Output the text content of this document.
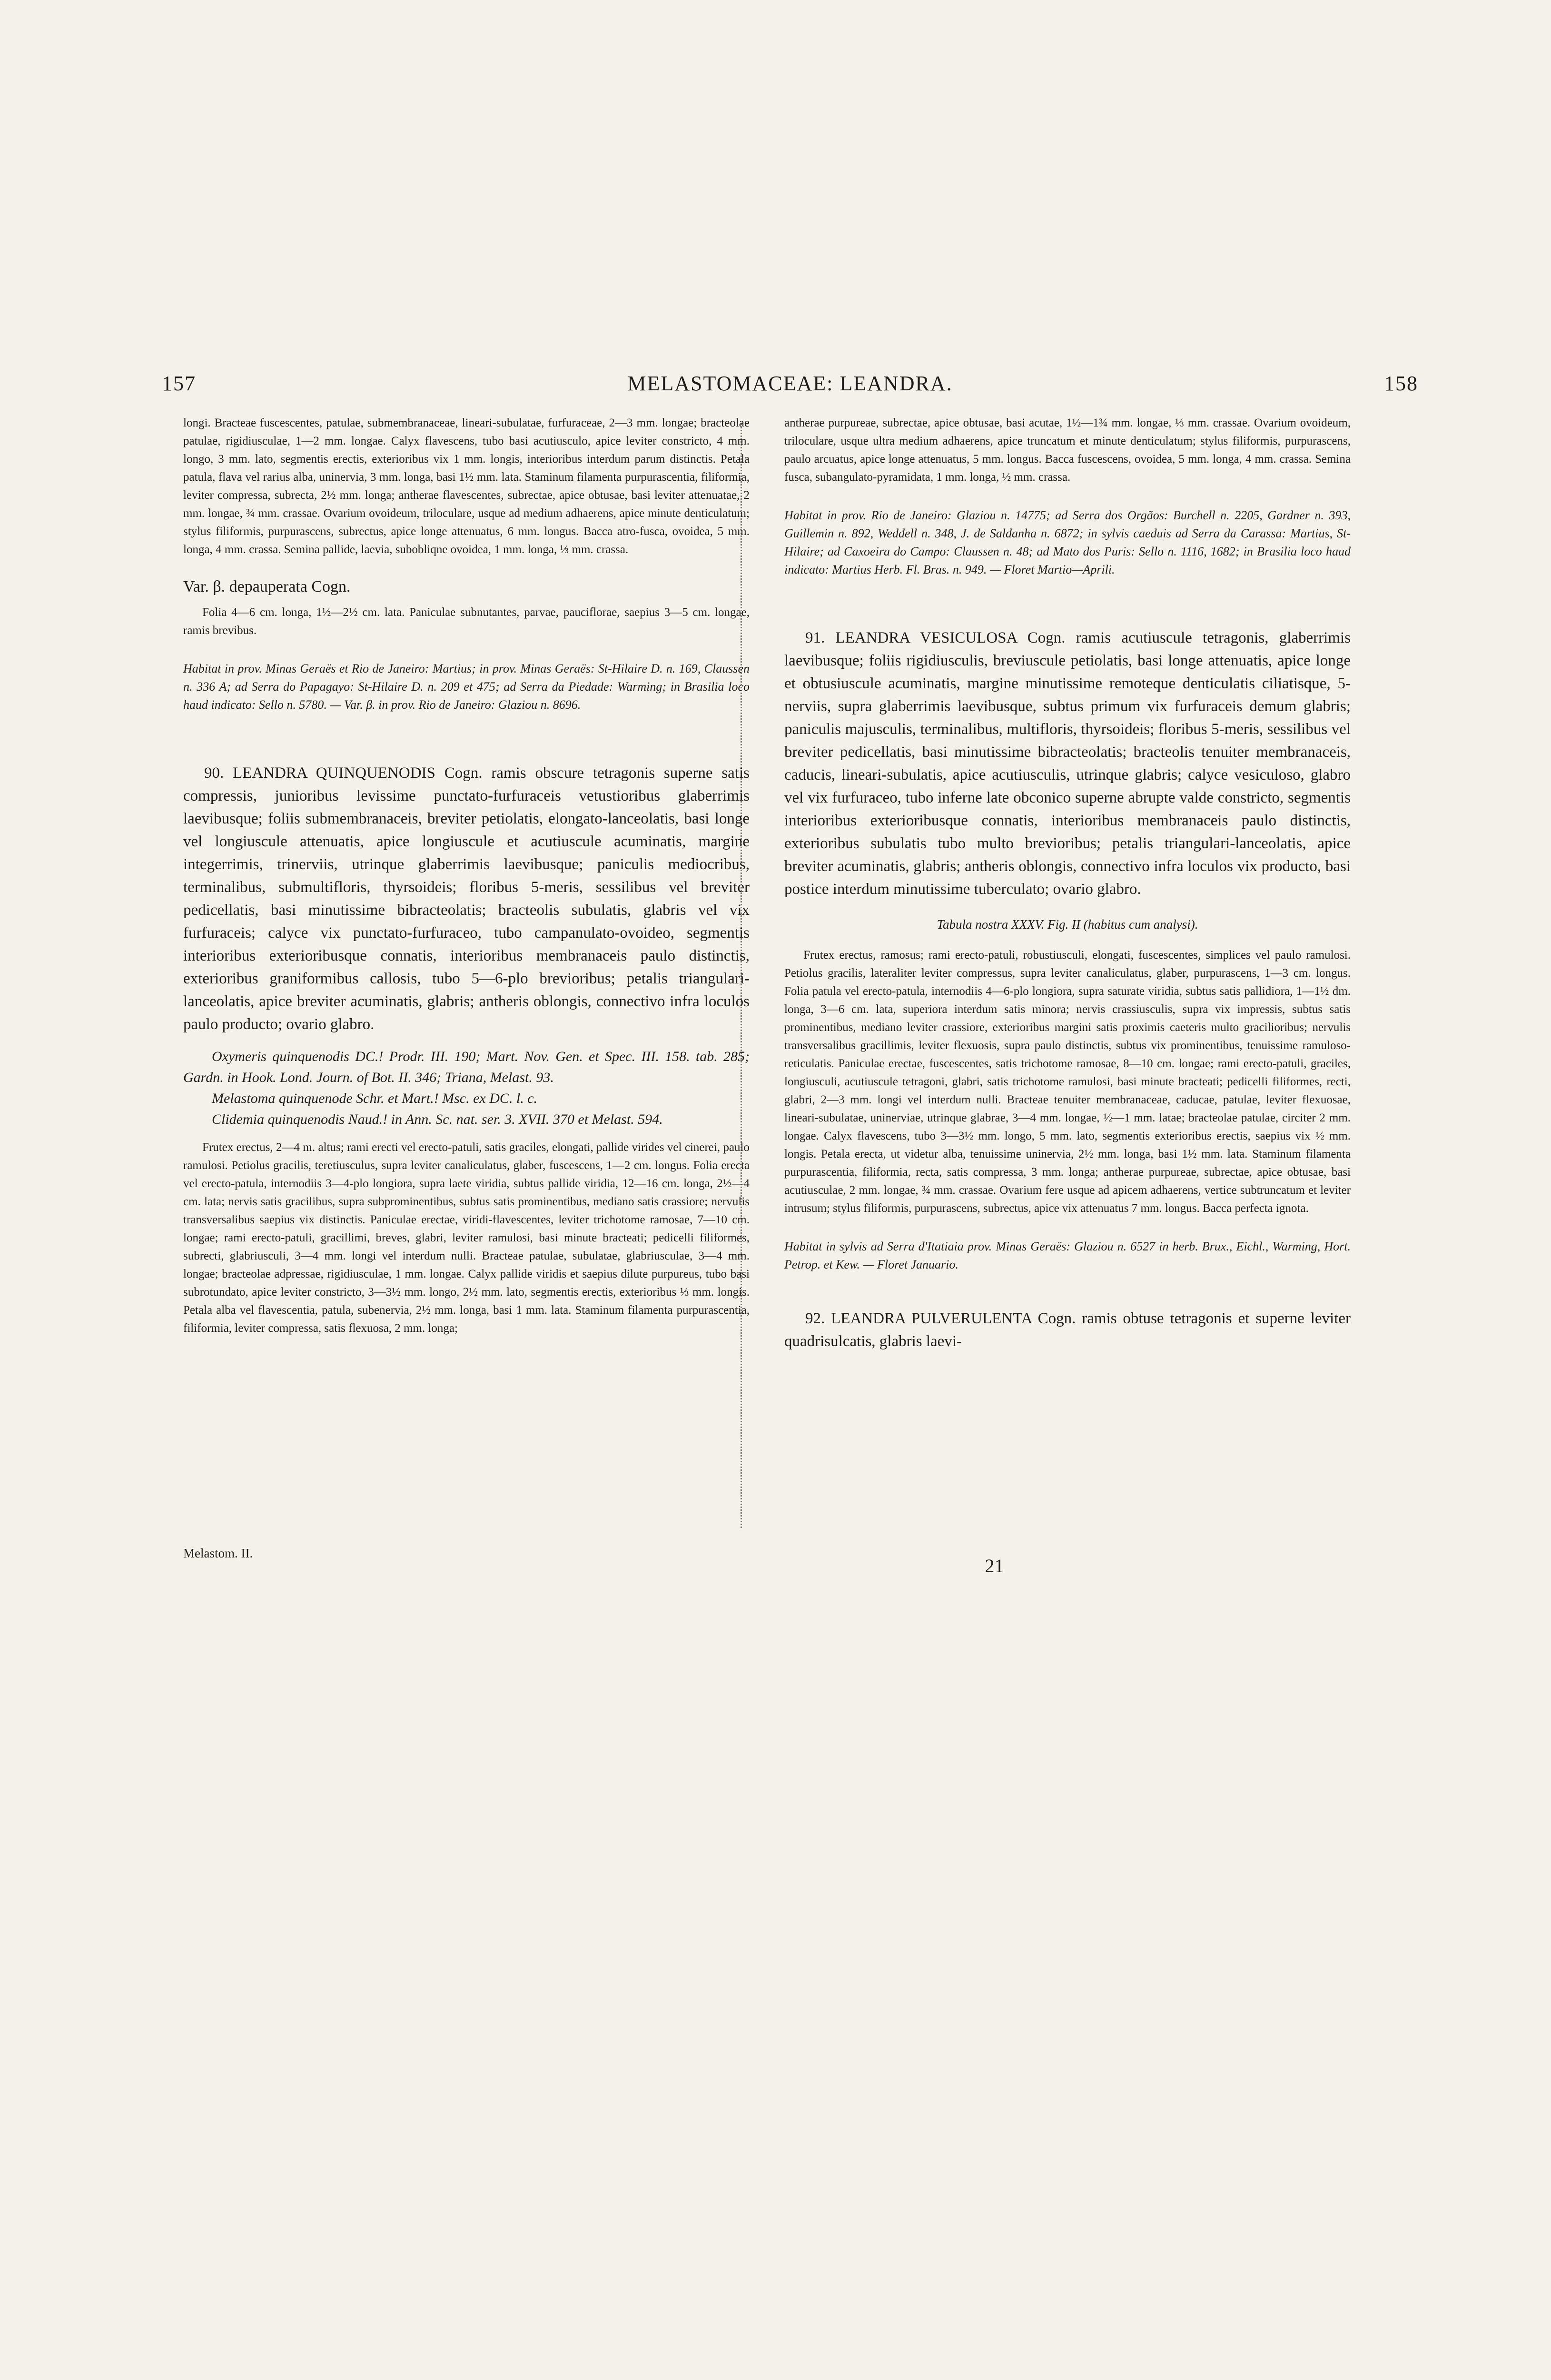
157	MELASTOMACEAE: LEANDRA.	158

longi. Bracteae fuscescentes, patulae, submembranaceae, lineari-subulatae, furfuraceae, 2—3 mm. longae; bracteolae patulae, rigidiusculae, 1—2 mm. longae. Calyx flavescens, tubo basi acutiusculo, apice leviter constricto, 4 mm. longo, 3 mm. lato, segmentis erectis, exterioribus vix 1 mm. longis, interioribus interdum parum distinctis. Petala patula, flava vel rarius alba, uninervia, 3 mm. longa, basi 1½ mm. lata. Staminum filamenta purpurascentia, filiformia, leviter compressa, subrecta, 2½ mm. longa; antherae flavescentes, subrectae, apice obtusae, basi leviter attenuatae, 2 mm. longae, ¾ mm. crassae. Ovarium ovoideum, triloculare, usque ad medium adhaerens, apice minute denticulatum; stylus filiformis, purpurascens, subrectus, apice longe attenuatus, 6 mm. longus. Bacca atro-fusca, ovoidea, 5 mm. longa, 4 mm. crassa. Semina pallide, laevia, subobliqne ovoidea, 1 mm. longa, ⅓ mm. crassa.

Var. β. depauperata Cogn.

Folia 4—6 cm. longa, 1½—2½ cm. lata. Paniculae subnutantes, parvae, pauciflorae, saepius 3—5 cm. longae, ramis brevibus.

Habitat in prov. Minas Geraës et Rio de Janeiro: Martius; in prov. Minas Geraës: St-Hilaire D. n. 169, Claussen n. 336 A; ad Serra do Papagayo: St-Hilaire D. n. 209 et 475; ad Serra da Piedade: Warming; in Brasilia loco haud indicato: Sello n. 5780. — Var. β. in prov. Rio de Janeiro: Glaziou n. 8696.

90. LEANDRA QUINQUENODIS Cogn. ramis obscure tetragonis superne satis compressis, junioribus levissime punctato-furfuraceis vetustioribus glaberrimis laevibusque; foliis submembranaceis, breviter petiolatis, elongato-lanceolatis, basi longe vel longiuscule attenuatis, apice longiuscule et acutiuscule acuminatis, margine integerrimis, trinerviis, utrinque glaberrimis laevibusque; paniculis mediocribus, terminalibus, submultifloris, thyrsoideis; floribus 5-meris, sessilibus vel breviter pedicellatis, basi minutissime bibracteolatis; bracteolis subulatis, glabris vel vix furfuraceis; calyce vix punctato-furfuraceo, tubo campanulato-ovoideo, segmentis interioribus exterioribusque connatis, interioribus membranaceis paulo distinctis, exterioribus graniformibus callosis, tubo 5—6-plo brevioribus; petalis triangulari-lanceolatis, apice breviter acuminatis, glabris; antheris oblongis, connectivo infra loculos paulo producto; ovario glabro.

Oxymeris quinquenodis DC.! Prodr. III. 190; Mart. Nov. Gen. et Spec. III. 158. tab. 285; Gardn. in Hook. Lond. Journ. of Bot. II. 346; Triana, Melast. 93.

Melastoma quinquenode Schr. et Mart.! Msc. ex DC. l. c.

Clidemia quinquenodis Naud.! in Ann. Sc. nat. ser. 3. XVII. 370 et Melast. 594.

Frutex erectus, 2—4 m. altus; rami erecti vel erecto-patuli, satis graciles, elongati, pallide virides vel cinerei, paulo ramulosi. Petiolus gracilis, teretiusculus, supra leviter canaliculatus, glaber, fuscescens, 1—2 cm. longus. Folia erecta vel erecto-patula, internodiis 3—4-plo longiora, supra laete viridia, subtus pallide viridia, 12—16 cm. longa, 2½—4 cm. lata; nervis satis gracilibus, supra subprominentibus, subtus satis prominentibus, mediano satis crassiore; nervulis transversalibus saepius vix distinctis. Paniculae erectae, viridi-flavescentes, leviter trichotome ramosae, 7—10 cm. longae; rami erecto-patuli, gracillimi, breves, glabri, leviter ramulosi, basi minute bracteati; pedicelli filiformes, subrecti, glabriusculi, 3—4 mm. longi vel interdum nulli. Bracteae patulae, subulatae, glabriusculae, 3—4 mm. longae; bracteolae adpressae, rigidiusculae, 1 mm. longae. Calyx pallide viridis et saepius dilute purpureus, tubo basi subrotundato, apice leviter constricto, 3—3½ mm. longo, 2½ mm. lato, segmentis erectis, exterioribus ⅓ mm. longis. Petala alba vel flavescentia, patula, subenervia, 2½ mm. longa, basi 1 mm. lata. Staminum filamenta purpurascentia, filiformia, leviter compressa, satis flexuosa, 2 mm. longa;

antherae purpureae, subrectae, apice obtusae, basi acutae, 1½—1¾ mm. longae, ⅓ mm. crassae. Ovarium ovoideum, triloculare, usque ultra medium adhaerens, apice truncatum et minute denticulatum; stylus filiformis, purpurascens, paulo arcuatus, apice longe attenuatus, 5 mm. longus. Bacca fuscescens, ovoidea, 5 mm. longa, 4 mm. crassa. Semina fusca, subangulato-pyramidata, 1 mm. longa, ½ mm. crassa.

Habitat in prov. Rio de Janeiro: Glaziou n. 14775; ad Serra dos Orgãos: Burchell n. 2205, Gardner n. 393, Guillemin n. 892, Weddell n. 348, J. de Saldanha n. 6872; in sylvis caeduis ad Serra da Carassa: Martius, St-Hilaire; ad Caxoeira do Campo: Claussen n. 48; ad Mato dos Puris: Sello n. 1116, 1682; in Brasilia loco haud indicato: Martius Herb. Fl. Bras. n. 949. — Floret Martio—Aprili.

91. LEANDRA VESICULOSA Cogn. ramis acutiuscule tetragonis, glaberrimis laevibusque; foliis rigidiusculis, breviuscule petiolatis, basi longe attenuatis, apice longe et obtusiuscule acuminatis, margine minutissime remoteque denticulatis ciliatisque, 5-nerviis, supra glaberrimis laevibusque, subtus primum vix furfuraceis demum glabris; paniculis majusculis, terminalibus, multifloris, thyrsoideis; floribus 5-meris, sessilibus vel breviter pedicellatis, basi minutissime bibracteolatis; bracteolis tenuiter membranaceis, caducis, lineari-subulatis, apice acutiusculis, utrinque glabris; calyce vesiculoso, glabro vel vix furfuraceo, tubo inferne late obconico superne abrupte valde constricto, segmentis interioribus exterioribusque connatis, interioribus membranaceis paulo distinctis, exterioribus subulatis tubo multo brevioribus; petalis triangulari-lanceolatis, apice breviter acuminatis, glabris; antheris oblongis, connectivo infra loculos vix producto, basi postice interdum minutissime tuberculato; ovario glabro.

Tabula nostra XXXV. Fig. II (habitus cum analysi).

Frutex erectus, ramosus; rami erecto-patuli, robustiusculi, elongati, fuscescentes, simplices vel paulo ramulosi. Petiolus gracilis, lateraliter leviter compressus, supra leviter canaliculatus, glaber, purpurascens, 1—3 cm. longus. Folia patula vel erecto-patula, internodiis 4—6-plo longiora, supra saturate viridia, subtus satis pallidiora, 1—1½ dm. longa, 3—6 cm. lata, superiora interdum satis minora; nervis crassiusculis, supra vix impressis, subtus satis prominentibus, mediano leviter crassiore, exterioribus margini satis proximis caeteris multo gracilioribus; nervulis transversalibus gracillimis, leviter flexuosis, supra paulo distinctis, subtus vix prominentibus, tenuissime ramuloso-reticulatis. Paniculae erectae, fuscescentes, satis trichotome ramosae, 8—10 cm. longae; rami erecto-patuli, graciles, longiusculi, acutiuscule tetragoni, glabri, satis trichotome ramulosi, basi minute bracteati; pedicelli filiformes, recti, glabri, 2—3 mm. longi vel interdum nulli. Bracteae tenuiter membranaceae, caducae, patulae, leviter flexuosae, lineari-subulatae, uninerviae, utrinque glabrae, 3—4 mm. longae, ½—1 mm. latae; bracteolae patulae, circiter 2 mm. longae. Calyx flavescens, tubo 3—3½ mm. longo, 5 mm. lato, segmentis exterioribus erectis, saepius vix ½ mm. longis. Petala erecta, ut videtur alba, tenuissime uninervia, 2½ mm. longa, basi 1½ mm. lata. Staminum filamenta purpurascentia, filiformia, recta, satis compressa, 3 mm. longa; antherae purpureae, subrectae, apice obtusae, basi acutiusculae, 2 mm. longae, ¾ mm. crassae. Ovarium fere usque ad apicem adhaerens, vertice subtruncatum et leviter intrusum; stylus filiformis, purpurascens, subrectus, apice vix attenuatus 7 mm. longus. Bacca perfecta ignota.

Habitat in sylvis ad Serra d'Itatiaia prov. Minas Geraës: Glaziou n. 6527 in herb. Brux., Eichl., Warming, Hort. Petrop. et Kew. — Floret Januario.

92. LEANDRA PULVERULENTA Cogn. ramis obtuse tetragonis et superne leviter quadrisulcatis, glabris laevi-

Melastom. II.
21
